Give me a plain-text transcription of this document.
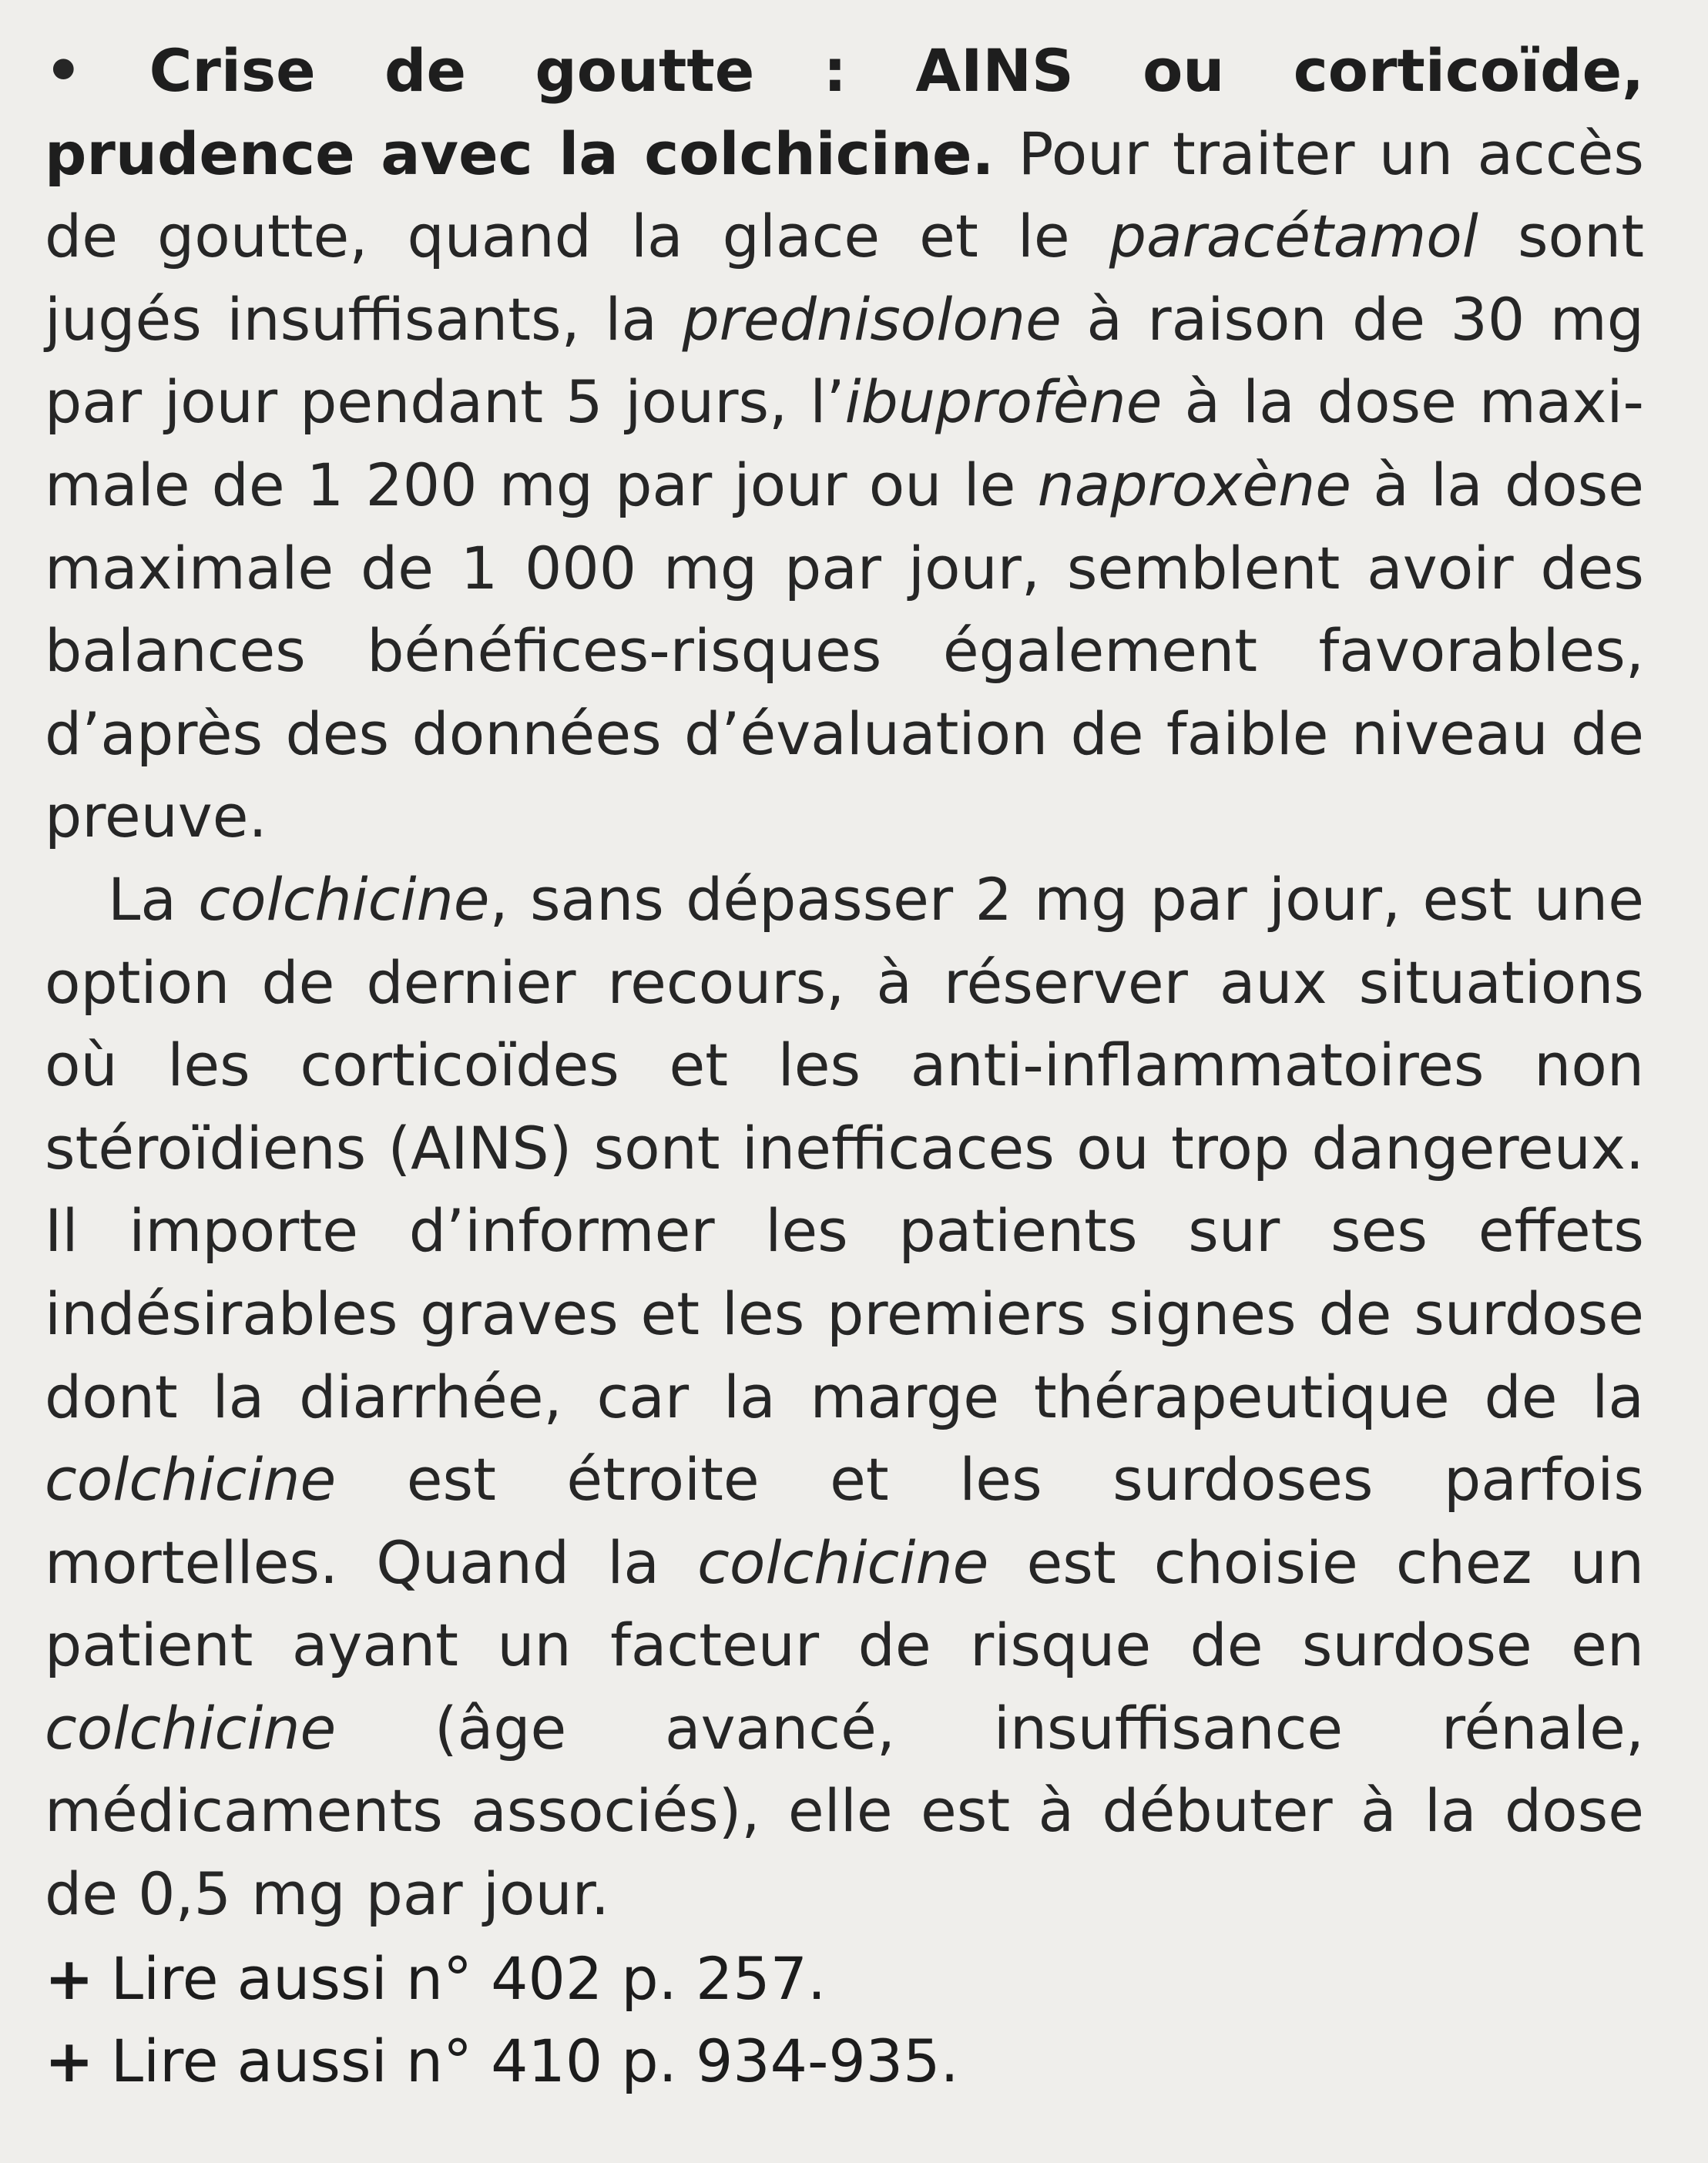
• Crise de goutte : AINS ou corticoïde, prudence avec la colchicine. Pour traiter un accès de goutte, quand la glace et le paracétamol sont jugés insuffisants, la prednisolone à raison de 30 mg par jour pendant 5 jours, l’ibuprofène à la dose maximale de 1 200 mg par jour ou le naproxène à la dose maximale de 1 000 mg par jour, semblent avoir des balances bénéfices-risques également favorables, d’après des données d’évaluation de faible niveau de preuve.

La colchicine, sans dépasser 2 mg par jour, est une option de dernier recours, à réserver aux situations où les corticoïdes et les anti-inflammatoires non stéroïdiens (AINS) sont inefficaces ou trop dangereux. Il importe d’informer les patients sur ses effets indésirables graves et les premiers signes de surdose dont la diarrhée, car la marge thérapeutique de la colchicine est étroite et les surdoses parfois mortelles. Quand la colchicine est choisie chez un patient ayant un facteur de risque de surdose en colchicine (âge avancé, insuffisance rénale, médicaments associés), elle est à débuter à la dose de 0,5 mg par jour.

+ Lire aussi n° 402 p. 257.
+ Lire aussi n° 410 p. 934-935.
